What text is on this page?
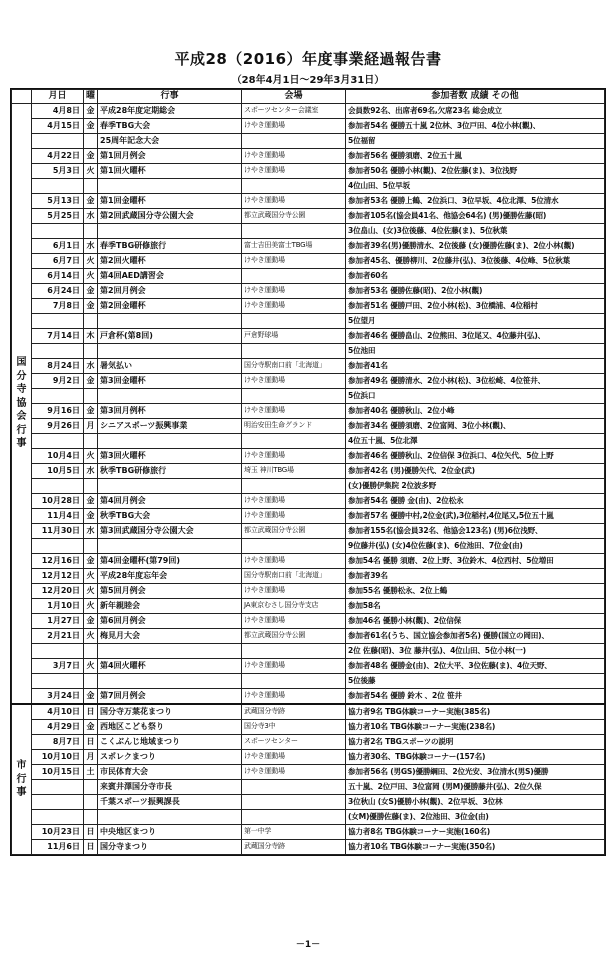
平成28（2016）年度事業経過報告書
（28年4月1日～29年3月31日）
	月日	曜	行事	会場	参加者数 成績 その他

国分寺協会行事	4月8日	金	平成28年度定期総会	スポーツセンター会議室	会員数92名、出席者69名,欠席23名 総会成立
	4月15日	金	春季TBG大会	けやき運動場	参加者54名 優勝五十嵐 2位林、3位戸田、4位小林(觀)、
			25周年記念大会		5位福留
	4月22日	金	第1回月例会	けやき運動場	参加者56名 優勝須磨、2位五十嵐
	5月3日	火	第1回火曜杯	けやき運動場	参加者50名 優勝小林(觀)、2位佐藤(ま)、3位浅野
					4位山田、5位早坂
	5月13日	金	第1回金曜杯	けやき運動場	参加者53名 優勝上鶴、2位浜口、3位早坂、4位北澤、5位清水
	5月25日	水	第2回武蔵国分寺公園大会	都立武蔵国分寺公園	参加者105名(協会員41名、他協会64名) (男)優勝佐藤(昭)
					3位畠山、(女)3位後藤、4位佐藤(ま)、5位秋葉
	6月1日	水	春季TBG研修旅行	富士吉田美富士TBG場	参加者39名(男)優勝清水、2位後藤 (女)優勝佐藤(ま)、2位小林(觀)
	6月7日	火	第2回火曜杯	けやき運動場	参加者45名、優勝柳川、2位藤井(弘)、3位後藤、4位峰、5位秋葉
	6月14日	火	第4回AED講習会		参加者60名
	6月24日	金	第2回月例会	けやき運動場	参加者53名 優勝佐藤(昭)、2位小林(觀)
	7月8日	金	第2回金曜杯	けやき運動場	参加者51名 優勝戸田、2位小林(松)、3位橋浦、4位稲村
					5位望月
	7月14日	木	戸倉杯(第8回)	戸倉野球場	参加者46名 優勝畠山、2位熊田、3位尾又、4位藤井(弘)、
					5位池田
	8月24日	水	暑気払い	国分寺駅南口前「北海道」	参加者41名
	9月2日	金	第3回金曜杯	けやき運動場	参加者49名 優勝清水、2位小林(松)、3位松崎、4位笹井、
					5位浜口
	9月16日	金	第3回月例杯	けやき運動場	参加者40名 優勝秋山、2位小峰
	9月26日	月	シニアスポーツ振興事業	明治安田生命グランド	参加者34名 優勝須磨、2位富岡、3位小林(觀)、
					4位五十嵐、5位北澤
	10月4日	火	第3回火曜杯	けやき運動場	参加者46名 優勝秋山、2位信保 3位浜口、4位矢代、5位上野
	10月5日	水	秋季TBG研修旅行	埼玉 神川TBG場	参加者42名 (男)優勝矢代、2位金(武)
					(女)優勝伊集院 2位波多野
	10月28日	金	第4回月例会	けやき運動場	参加者54名 優勝 金(由)、2位松永
	11月4日	金	秋季TBG大会	けやき運動場	参加者57名 優勝中村,2位金(武),3位稲村,4位尾又,5位五十嵐
	11月30日	水	第3回武蔵国分寺公園大会	都立武蔵国分寺公園	参加者155名(協会員32名、他協会123名) (男)6位浅野、
					9位藤井(弘) (女)4位佐藤(ま)、6位池田、7位金(由)
	12月16日	金	第4回金曜杯(第79回)	けやき運動場	参加54名 優勝 須磨、2位上野、3位鈴木、4位西村、5位増田
	12月12日	火	平成28年度忘年会	国分寺駅南口前「北海道」	参加者39名
	12月20日	火	第5回月例会	けやき運動場	参加55名 優勝松永、2位上鶴
	1月10日	火	新年親睦会	JA東京むさし国分寺支店	参加58名
	1月27日	金	第6回月例会	けやき運動場	参加46名 優勝小林(觀)、2位信保
	2月21日	火	梅見月大会	都立武蔵国分寺公園	参加者61名(うち、国立協会参加者5名) 優勝(国立の岡田)、
					2位 佐藤(昭)、3位 藤井(弘)、4位山田、5位小林(一)
	3月7日	火	第4回火曜杯	けやき運動場	参加者48名 優勝金(由)、2位大平、3位佐藤(ま)、4位天野、
					5位後藤
	3月24日	金	第7回月例会	けやき運動場	参加者54名 優勝 鈴木 、2位 笹井

市行事	4月10日	日	国分寺万葉花まつり	武蔵国分寺跡	協力者9名 TBG体験コーナー実施(385名)
	4月29日	金	西地区こども祭り	国分寺3中	協力者10名 TBG体験コーナー実施(238名)
	8月7日	日	こくぶんじ地域まつり	スポーツセンター	協力者2名 TBGスポーツの説明
	10月10日	月	スポレクまつり	けやき運動場	協力者30名、TBG体験コーナー(157名)
	10月15日	土	市民体育大会	けやき運動場	参加者56名 (男GS)優勝綱田、2位光安、3位清水(男S)優勝
			来賓井澤国分寺市長		五十嵐、2位戸田、3位富岡 (男M)優勝藤井(弘)、2位久保
			千葉スポーツ振興課長		3位秋山 (女S)優勝小林(觀)、2位早坂、3位林
					(女M)優勝佐藤(ま)、2位池田、3位金(由)
	10月23日	日	中央地区まつり	第一中学	協力者8名 TBG体験コーナー実施(160名)
	11月6日	日	国分寺まつり	武蔵国分寺跡	協力者10名 TBG体験コーナー実施(350名)
－1－
